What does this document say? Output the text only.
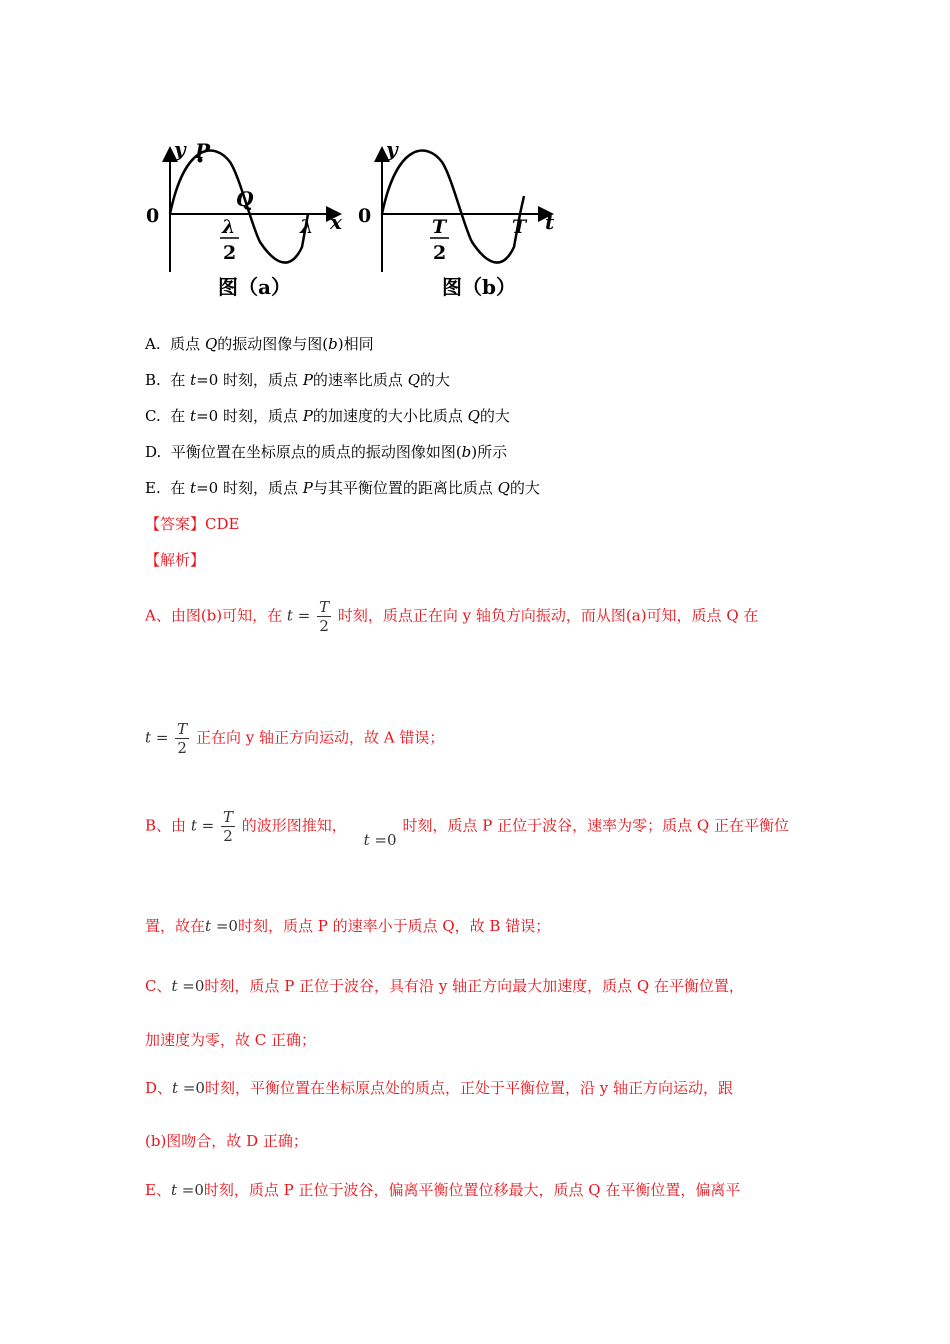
y P
0
Q
λ
2
λ x
图（a）
y
0	T
2
T t
图（b）
A. 质点 Q的振动图像与图(b)相同
B. 在 t=0 时刻，质点 P的速率比质点 Q的大
C. 在 t=0 时刻，质点 P的加速度的大小比质点 Q的大
D. 平衡位置在坐标原点的质点的振动图像如图(b)所示
E. 在 t=0 时刻，质点 P与其平衡位置的距离比质点 Q的大
【答案】CDE
【解析】
A、由图(b)可知，在 $t = \frac{T}{2}$ 时刻，质点正在向 y 轴负方向振动，而从图(a)可知，质点 Q 在
$t = \frac{T}{2}$ 正在向 y 轴正方向运动，故 A 错误；
B、由 $t = \frac{T}{2}$ 的波形图推知， t =0时刻，质点 P 正位于波谷，速率为零；质点 Q 正在平衡位
置，故在t =0时刻，质点 P 的速率小于质点 Q，故 B 错误；
C、t =0时刻，质点 P 正位于波谷，具有沿 y 轴正方向最大加速度，质点 Q 在平衡位置，
加速度为零，故 C 正确；
D、t =0时刻，平衡位置在坐标原点处的质点，正处于平衡位置，沿 y 轴正方向运动，跟
(b)图吻合，故 D 正确；
E、t =0时刻，质点 P 正位于波谷，偏离平衡位置位移最大，质点 Q 在平衡位置，偏离平
